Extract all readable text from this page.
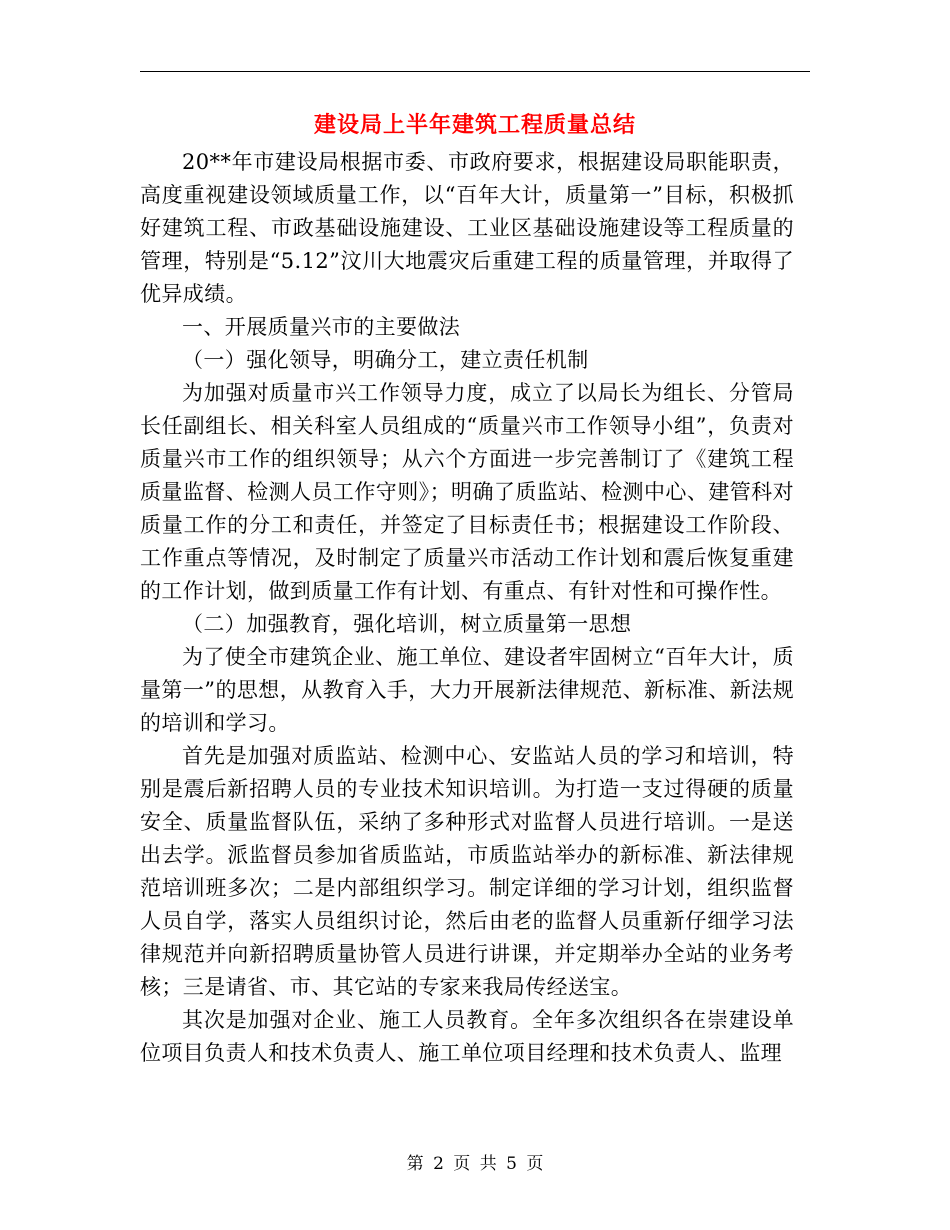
建设局上半年建筑工程质量总结

20**年市建设局根据市委、市政府要求，根据建设局职能职责，高度重视建设领域质量工作，以“百年大计，质量第一”目标，积极抓好建筑工程、市政基础设施建设、工业区基础设施建设等工程质量的管理，特别是“5.12”汶川大地震灾后重建工程的质量管理，并取得了优异成绩。

一、开展质量兴市的主要做法

（一）强化领导，明确分工，建立责任机制

为加强对质量市兴工作领导力度，成立了以局长为组长、分管局长任副组长、相关科室人员组成的“质量兴市工作领导小组”，负责对质量兴市工作的组织领导；从六个方面进一步完善制订了《建筑工程质量监督、检测人员工作守则》；明确了质监站、检测中心、建管科对质量工作的分工和责任，并签定了目标责任书；根据建设工作阶段、工作重点等情况，及时制定了质量兴市活动工作计划和震后恢复重建的工作计划，做到质量工作有计划、有重点、有针对性和可操作性。

（二）加强教育，强化培训，树立质量第一思想

为了使全市建筑企业、施工单位、建设者牢固树立“百年大计，质量第一”的思想，从教育入手，大力开展新法律规范、新标准、新法规的培训和学习。

首先是加强对质监站、检测中心、安监站人员的学习和培训，特别是震后新招聘人员的专业技术知识培训。为打造一支过得硬的质量安全、质量监督队伍，采纳了多种形式对监督人员进行培训。一是送出去学。派监督员参加省质监站，市质监站举办的新标准、新法律规范培训班多次；二是内部组织学习。制定详细的学习计划，组织监督人员自学，落实人员组织讨论，然后由老的监督人员重新仔细学习法律规范并向新招聘质量协管人员进行讲课，并定期举办全站的业务考核；三是请省、市、其它站的专家来我局传经送宝。

其次是加强对企业、施工人员教育。全年多次组织各在崇建设单位项目负责人和技术负责人、施工单位项目经理和技术负责人、监理

第 2 页 共 5 页
